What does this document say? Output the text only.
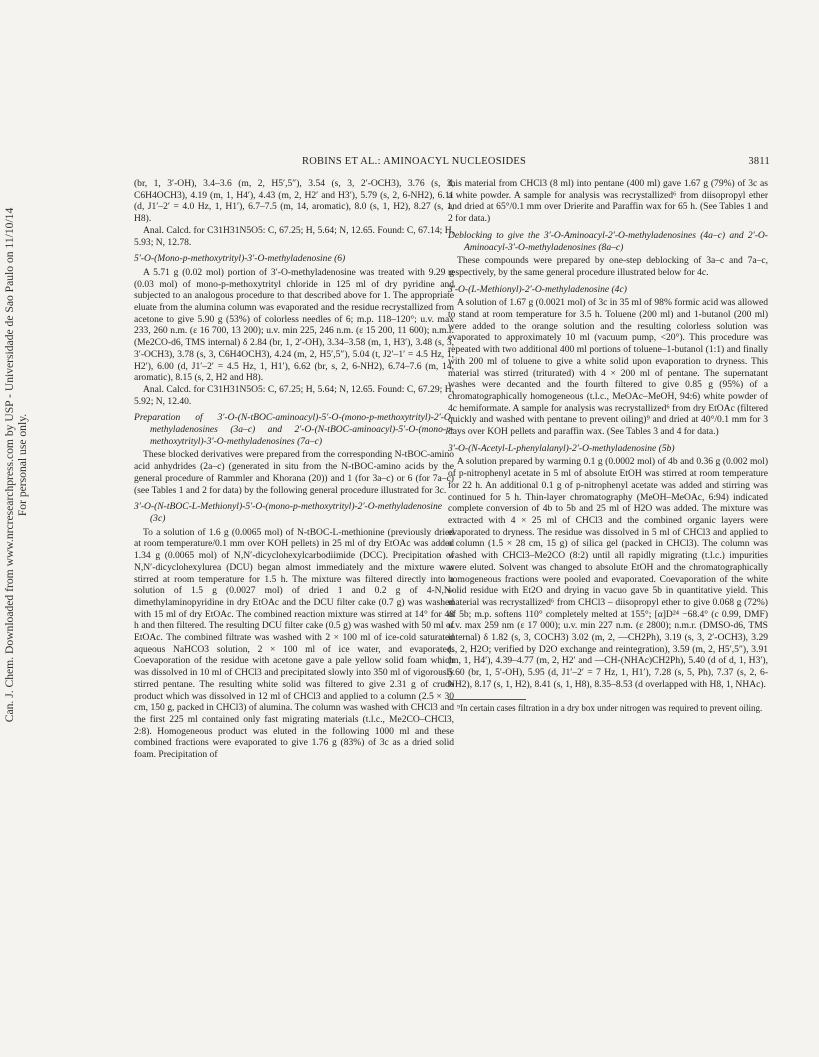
Can. J. Chem. Downloaded from www.nrcresearchpress.com by USP - Universidade de Sao Paulo on 11/10/14 For personal use only.
ROBINS ET AL.: AMINOACYL NUCLEOSIDES	3811

(br, 1, 3′-OH), 3.4–3.6 (m, 2, H5′,5″), 3.54 (s, 3, 2′-OCH3), 3.76 (s, 3, C6H4OCH3), 4.19 (m, 1, H4′), 4.43 (m, 2, H2′ and H3′), 5.79 (s, 2, 6-NH2), 6.11 (d, J1′–2′ = 4.0 Hz, 1, H1′), 6.7–7.5 (m, 14, aromatic), 8.0 (s, 1, H2), 8.27 (s, 1, H8).

Anal. Calcd. for C31H31N5O5: C, 67.25; H, 5.64; N, 12.65. Found: C, 67.14; H, 5.93; N, 12.78.

5′-O-(Mono-p-methoxytrityl)-3′-O-methyladenosine (6)

A 5.71 g (0.02 mol) portion of 3′-O-methyladenosine was treated with 9.29 g (0.03 mol) of mono-p-methoxytrityl chloride in 125 ml of dry pyridine and subjected to an analogous procedure to that described above for 1. The appropriate eluate from the alumina column was evaporated and the residue recrystallized from acetone to give 5.90 g (53%) of colorless needles of 6; m.p. 118–120°; u.v. max 233, 260 n.m. (ε 16 700, 13 200); u.v. min 225, 246 n.m. (ε 15 200, 11 600); n.m.r. (Me2CO-d6, TMS internal) δ 2.84 (br, 1, 2′-OH), 3.34–3.58 (m, 1, H3′), 3.48 (s, 3, 3′-OCH3), 3.78 (s, 3, C6H4OCH3), 4.24 (m, 2, H5′,5″), 5.04 (t, J2′–1′ = 4.5 Hz, 1, H2′), 6.00 (d, J1′–2′ = 4.5 Hz, 1, H1′), 6.62 (br, s, 2, 6-NH2), 6.74–7.6 (m, 14, aromatic), 8.15 (s, 2, H2 and H8).

Anal. Calcd. for C31H31N5O5: C, 67.25; H, 5.64; N, 12.65. Found: C, 67.29; H, 5.92; N, 12.40.

Preparation of 3′-O-(N-tBOC-aminoacyl)-5′-O-(mono-p-methoxytrityl)-2′-O-methyladenosines (3a–c) and 2′-O-(N-tBOC-aminoacyl)-5′-O-(mono-p-methoxytrityl)-3′-O-methyladenosines (7a–c)

These blocked derivatives were prepared from the corresponding N-tBOC-amino acid anhydrides (2a–c) (generated in situ from the N-tBOC-amino acids by the general procedure of Rammler and Khorana (20)) and 1 (for 3a–c) or 6 (for 7a–c) (see Tables 1 and 2 for data) by the following general procedure illustrated for 3c.

3′-O-(N-tBOC-L-Methionyl)-5′-O-(mono-p-methoxytrityl)-2′-O-methyladenosine (3c)

To a solution of 1.6 g (0.0065 mol) of N-tBOC-L-methionine (previously dried at room temperature/0.1 mm over KOH pellets) in 25 ml of dry EtOAc was added 1.34 g (0.0065 mol) of N,N′-dicyclohexylcarbodiimide (DCC). Precipitation of N,N′-dicyclohexylurea (DCU) began almost immediately and the mixture was stirred at room temperature for 1.5 h. The mixture was filtered directly into a solution of 1.5 g (0.0027 mol) of dried 1 and 0.2 g of 4-N,N-dimethylaminopyridine in dry EtOAc and the DCU filter cake (0.7 g) was washed with 15 ml of dry EtOAc. The combined reaction mixture was stirred at 14° for 48 h and then filtered. The resulting DCU filter cake (0.5 g) was washed with 50 ml of EtOAc. The combined filtrate was washed with 2 × 100 ml of ice-cold saturated aqueous NaHCO3 solution, 2 × 100 ml of ice water, and evaporated. Coevaporation of the residue with acetone gave a pale yellow solid foam which was dissolved in 10 ml of CHCl3 and precipitated slowly into 350 ml of vigorously stirred pentane. The resulting white solid was filtered to give 2.31 g of crude product which was dissolved in 12 ml of CHCl3 and applied to a column (2.5 × 30 cm, 150 g, packed in CHCl3) of alumina. The column was washed with CHCl3 and the first 225 ml contained only fast migrating materials (t.l.c., Me2CO–CHCl3, 2:8). Homogeneous product was eluted in the following 1000 ml and these combined fractions were evaporated to give 1.76 g (83%) of 3c as a dried solid foam. Precipitation of

this material from CHCl3 (8 ml) into pentane (400 ml) gave 1.67 g (79%) of 3c as a white powder. A sample for analysis was recrystallized⁶ from diisopropyl ether and dried at 65°/0.1 mm over Drierite and Paraffin wax for 65 h. (See Tables 1 and 2 for data.)

Deblocking to give the 3′-O-Aminoacyl-2′-O-methyladenosines (4a–c) and 2′-O-Aminoacyl-3′-O-methyladenosines (8a–c)

These compounds were prepared by one-step deblocking of 3a–c and 7a–c, respectively, by the same general procedure illustrated below for 4c.

3′-O-(L-Methionyl)-2′-O-methyladenosine (4c)

A solution of 1.67 g (0.0021 mol) of 3c in 35 ml of 98% formic acid was allowed to stand at room temperature for 3.5 h. Toluene (200 ml) and 1-butanol (200 ml) were added to the orange solution and the resulting colorless solution was evaporated to approximately 10 ml (vacuum pump, <20°). This procedure was repeated with two additional 400 ml portions of toluene–1-butanol (1:1) and finally with 200 ml of toluene to give a white solid upon evaporation to dryness. This material was stirred (triturated) with 4 × 200 ml of pentane. The supernatant washes were decanted and the fourth filtered to give 0.85 g (95%) of a chromatographically homogeneous (t.l.c., MeOAc–MeOH, 94:6) white powder of 4c hemiformate. A sample for analysis was recrystallized⁶ from dry EtOAc (filtered quickly and washed with pentane to prevent oiling)⁹ and dried at 40°/0.1 mm for 3 days over KOH pellets and paraffin wax. (See Tables 3 and 4 for data.)

3′-O-(N-Acetyl-L-phenylalanyl)-2′-O-methyladenosine (5b)

A solution prepared by warming 0.1 g (0.0002 mol) of 4b and 0.36 g (0.002 mol) of p-nitrophenyl acetate in 5 ml of absolute EtOH was stirred at room temperature for 22 h. An additional 0.1 g of p-nitrophenyl acetate was added and stirring was continued for 5 h. Thin-layer chromatography (MeOH–MeOAc, 6:94) indicated complete conversion of 4b to 5b and 25 ml of H2O was added. The mixture was extracted with 4 × 25 ml of CHCl3 and the combined organic layers were evaporated to dryness. The residue was dissolved in 5 ml of CHCl3 and applied to a column (1.5 × 28 cm, 15 g) of silica gel (packed in CHCl3). The column was washed with CHCl3–Me2CO (8:2) until all rapidly migrating (t.l.c.) impurities were eluted. Solvent was changed to absolute EtOH and the chromatographically homogeneous fractions were pooled and evaporated. Coevaporation of the white solid residue with Et2O and drying in vacuo gave 5b in quantitative yield. This material was recrystallized⁶ from CHCl3 – diisopropyl ether to give 0.068 g (72%) of 5b; m.p. softens 110° completely melted at 155°; [α]D²⁴ −68.4° (c 0.99, DMF) u.v. max 259 nm (ε 17 000); u.v. min 227 n.m. (ε 2800); n.m.r. (DMSO-d6, TMS internal) δ 1.82 (s, 3, COCH3) 3.02 (m, 2, —CH2Ph), 3.19 (s, 3, 2′-OCH3), 3.29 (s, 2, H2O; verified by D2O exchange and reintegration), 3.59 (m, 2, H5′,5″), 3.91 (m, 1, H4′), 4.39–4.77 (m, 2, H2′ and —CH-(NHAc)CH2Ph), 5.40 (d of d, 1, H3′), 5.60 (br, 1, 5′-OH), 5.95 (d, J1′–2′ = 7 Hz, 1, H1′), 7.28 (s, 5, Ph), 7.37 (s, 2, 6-NH2), 8.17 (s, 1, H2), 8.41 (s, 1, H8), 8.35–8.53 (d overlapped with H8, 1, NHAc).

⁹In certain cases filtration in a dry box under nitrogen was required to prevent oiling.
